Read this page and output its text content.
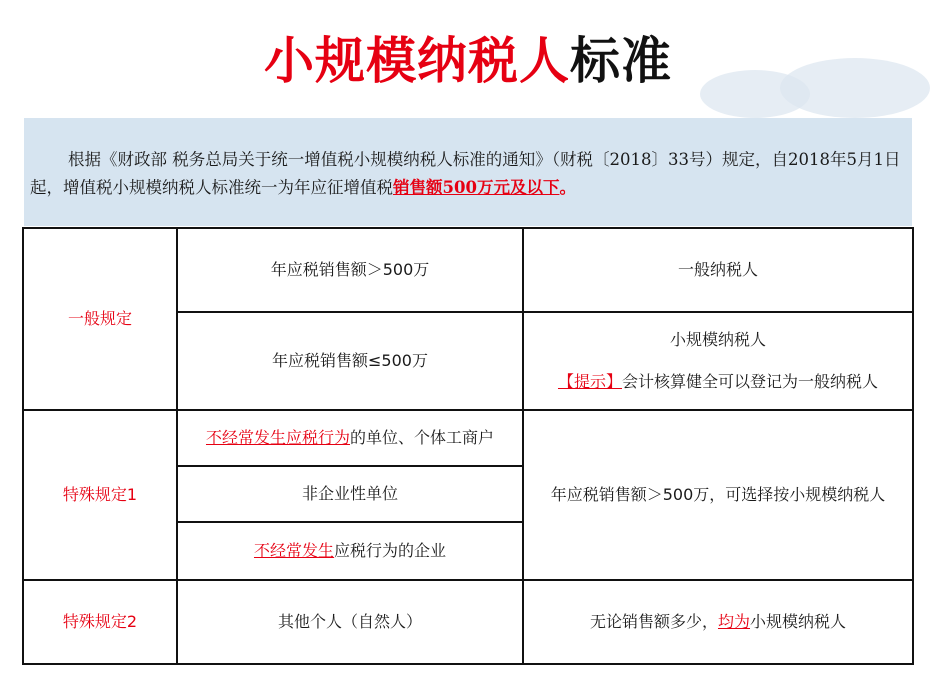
小规模纳税人标准

根据《财政部 税务总局关于统一增值税小规模纳税人标准的通知》（财税〔2018〕33号）规定，自2018年5月1日起，增值税小规模纳税人标准统一为年应征增值税销售额500万元及以下。

一般规定	年应税销售额＞500万	一般纳税人
	年应税销售额≤500万	小规模纳税人
【提示】会计核算健全可以登记为一般纳税人

特殊规定1	不经常发生应税行为的单位、个体工商户	年应税销售额＞500万，可选择按小规模纳税人
	非企业性单位	
	不经常发生应税行为的企业	
特殊规定2	其他个人（自然人）	无论销售额多少，均为小规模纳税人
